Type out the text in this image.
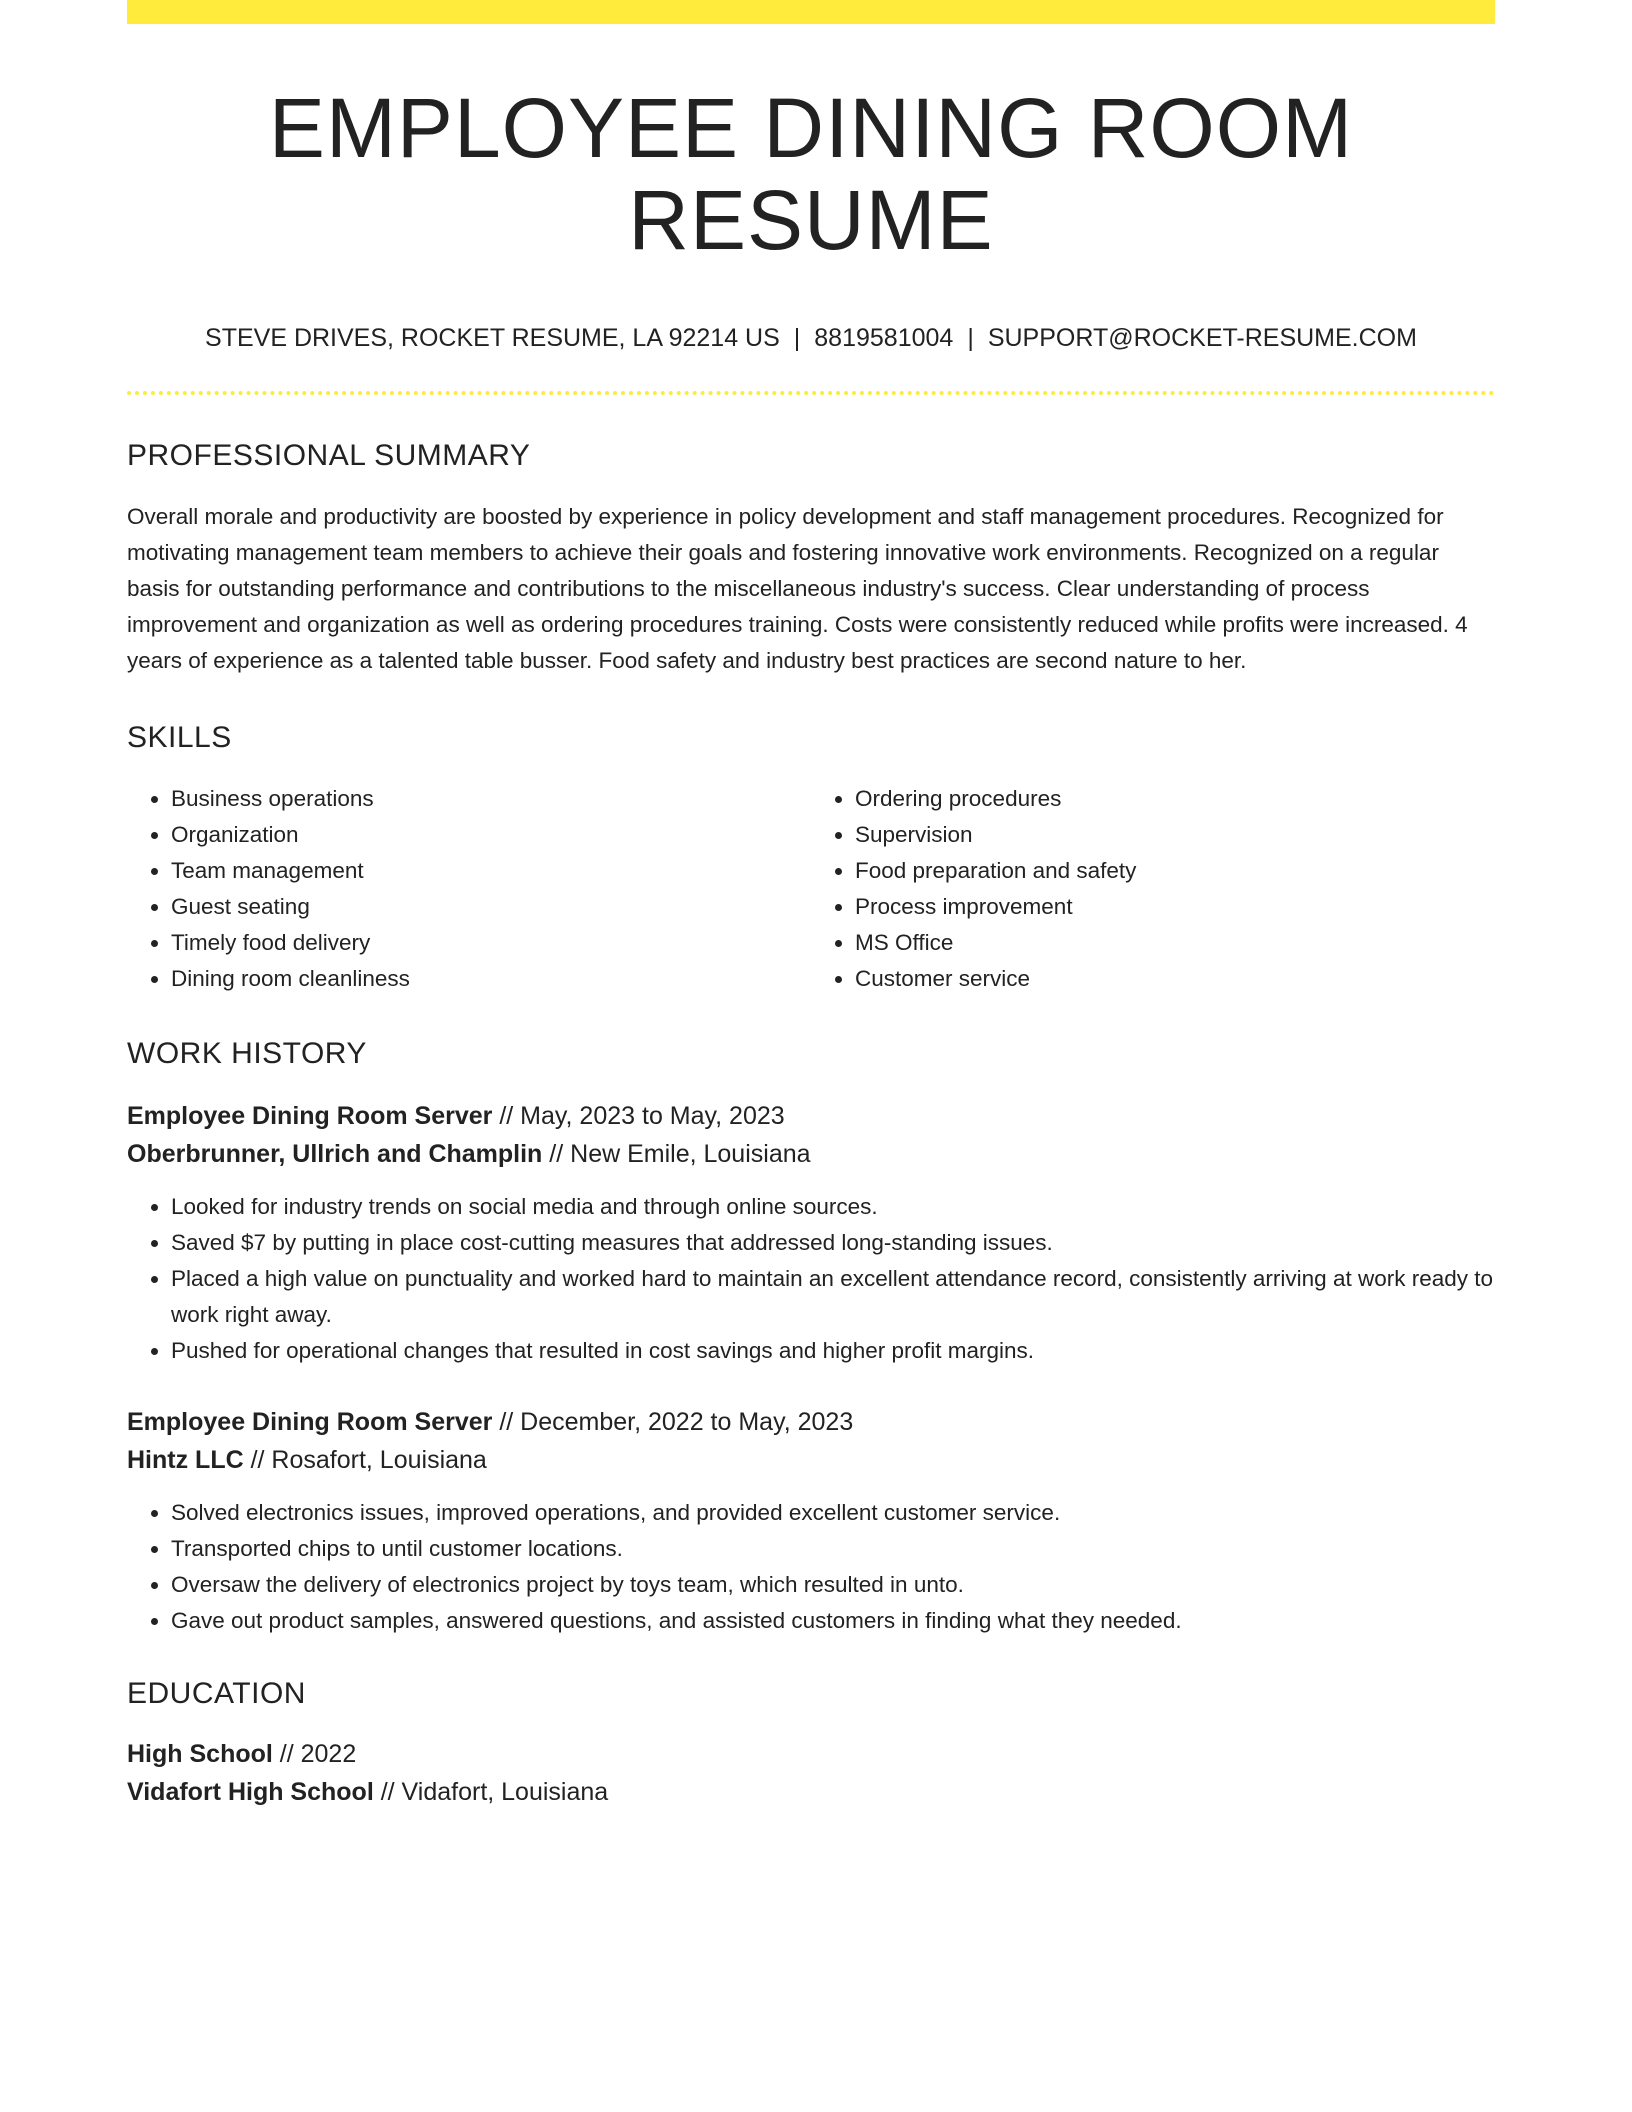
EMPLOYEE DINING ROOM RESUME
STEVE DRIVES, ROCKET RESUME, LA 92214 US | 8819581004 | SUPPORT@ROCKET-RESUME.COM
PROFESSIONAL SUMMARY
Overall morale and productivity are boosted by experience in policy development and staff management procedures. Recognized for motivating management team members to achieve their goals and fostering innovative work environments. Recognized on a regular basis for outstanding performance and contributions to the miscellaneous industry's success. Clear understanding of process improvement and organization as well as ordering procedures training. Costs were consistently reduced while profits were increased. 4 years of experience as a talented table busser. Food safety and industry best practices are second nature to her.
SKILLS
• Business operations
• Organization
• Team management
• Guest seating
• Timely food delivery
• Dining room cleanliness
• Ordering procedures
• Supervision
• Food preparation and safety
• Process improvement
• MS Office
• Customer service
WORK HISTORY
Employee Dining Room Server // May, 2023 to May, 2023
Oberbrunner, Ullrich and Champlin // New Emile, Louisiana
• Looked for industry trends on social media and through online sources.
• Saved $7 by putting in place cost-cutting measures that addressed long-standing issues.
• Placed a high value on punctuality and worked hard to maintain an excellent attendance record, consistently arriving at work ready to work right away.
• Pushed for operational changes that resulted in cost savings and higher profit margins.
Employee Dining Room Server // December, 2022 to May, 2023
Hintz LLC // Rosafort, Louisiana
• Solved electronics issues, improved operations, and provided excellent customer service.
• Transported chips to until customer locations.
• Oversaw the delivery of electronics project by toys team, which resulted in unto.
• Gave out product samples, answered questions, and assisted customers in finding what they needed.
EDUCATION
High School // 2022
Vidafort High School // Vidafort, Louisiana
